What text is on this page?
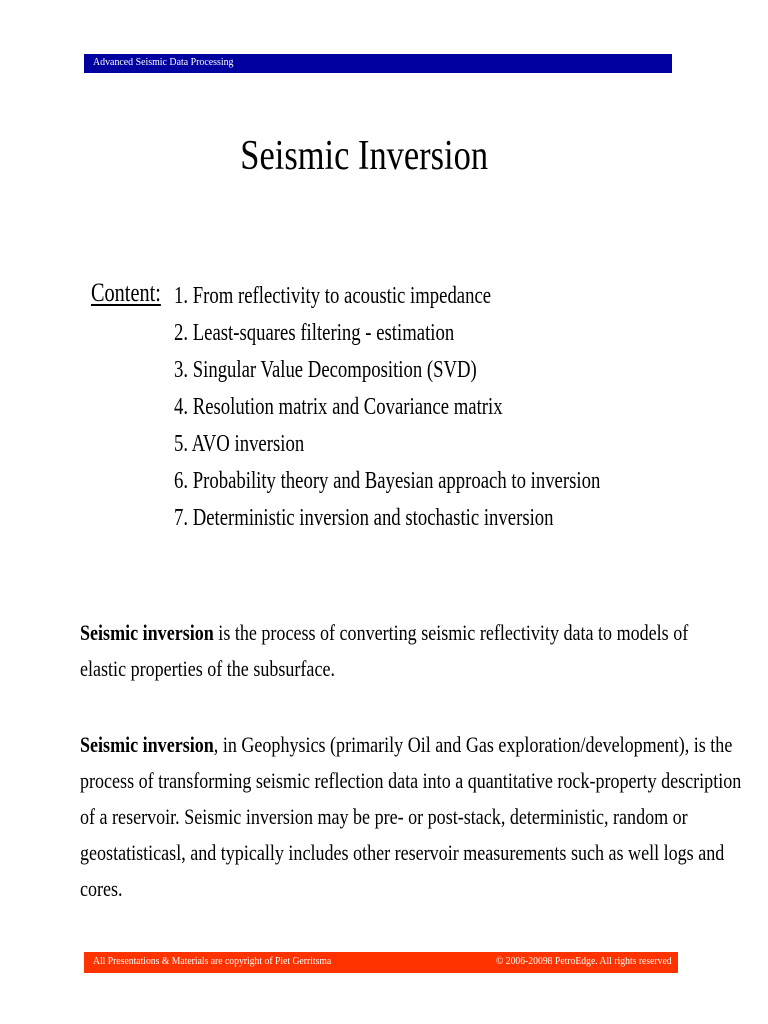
Advanced Seismic Data Processing
Seismic Inversion
Content: 1. From reflectivity to acoustic impedance
2. Least-squares filtering - estimation
3. Singular Value Decomposition (SVD)
4. Resolution matrix and Covariance matrix
5. AVO inversion
6. Probability theory and Bayesian approach to inversion
7. Deterministic inversion and stochastic inversion
Seismic inversion is the process of converting seismic reflectivity data to models of
elastic properties of the subsurface.
Seismic inversion, in Geophysics (primarily Oil and Gas exploration/development), is the
process of transforming seismic reflection data into a quantitative rock-property description
of a reservoir. Seismic inversion may be pre- or post-stack, deterministic, random or
geostatisticasl, and typically includes other reservoir measurements such as well logs and
cores.
All Presentations & Materials are copyright of Piet Gerritsma	© 2006-20098 PetroEdge. All rights reserved
